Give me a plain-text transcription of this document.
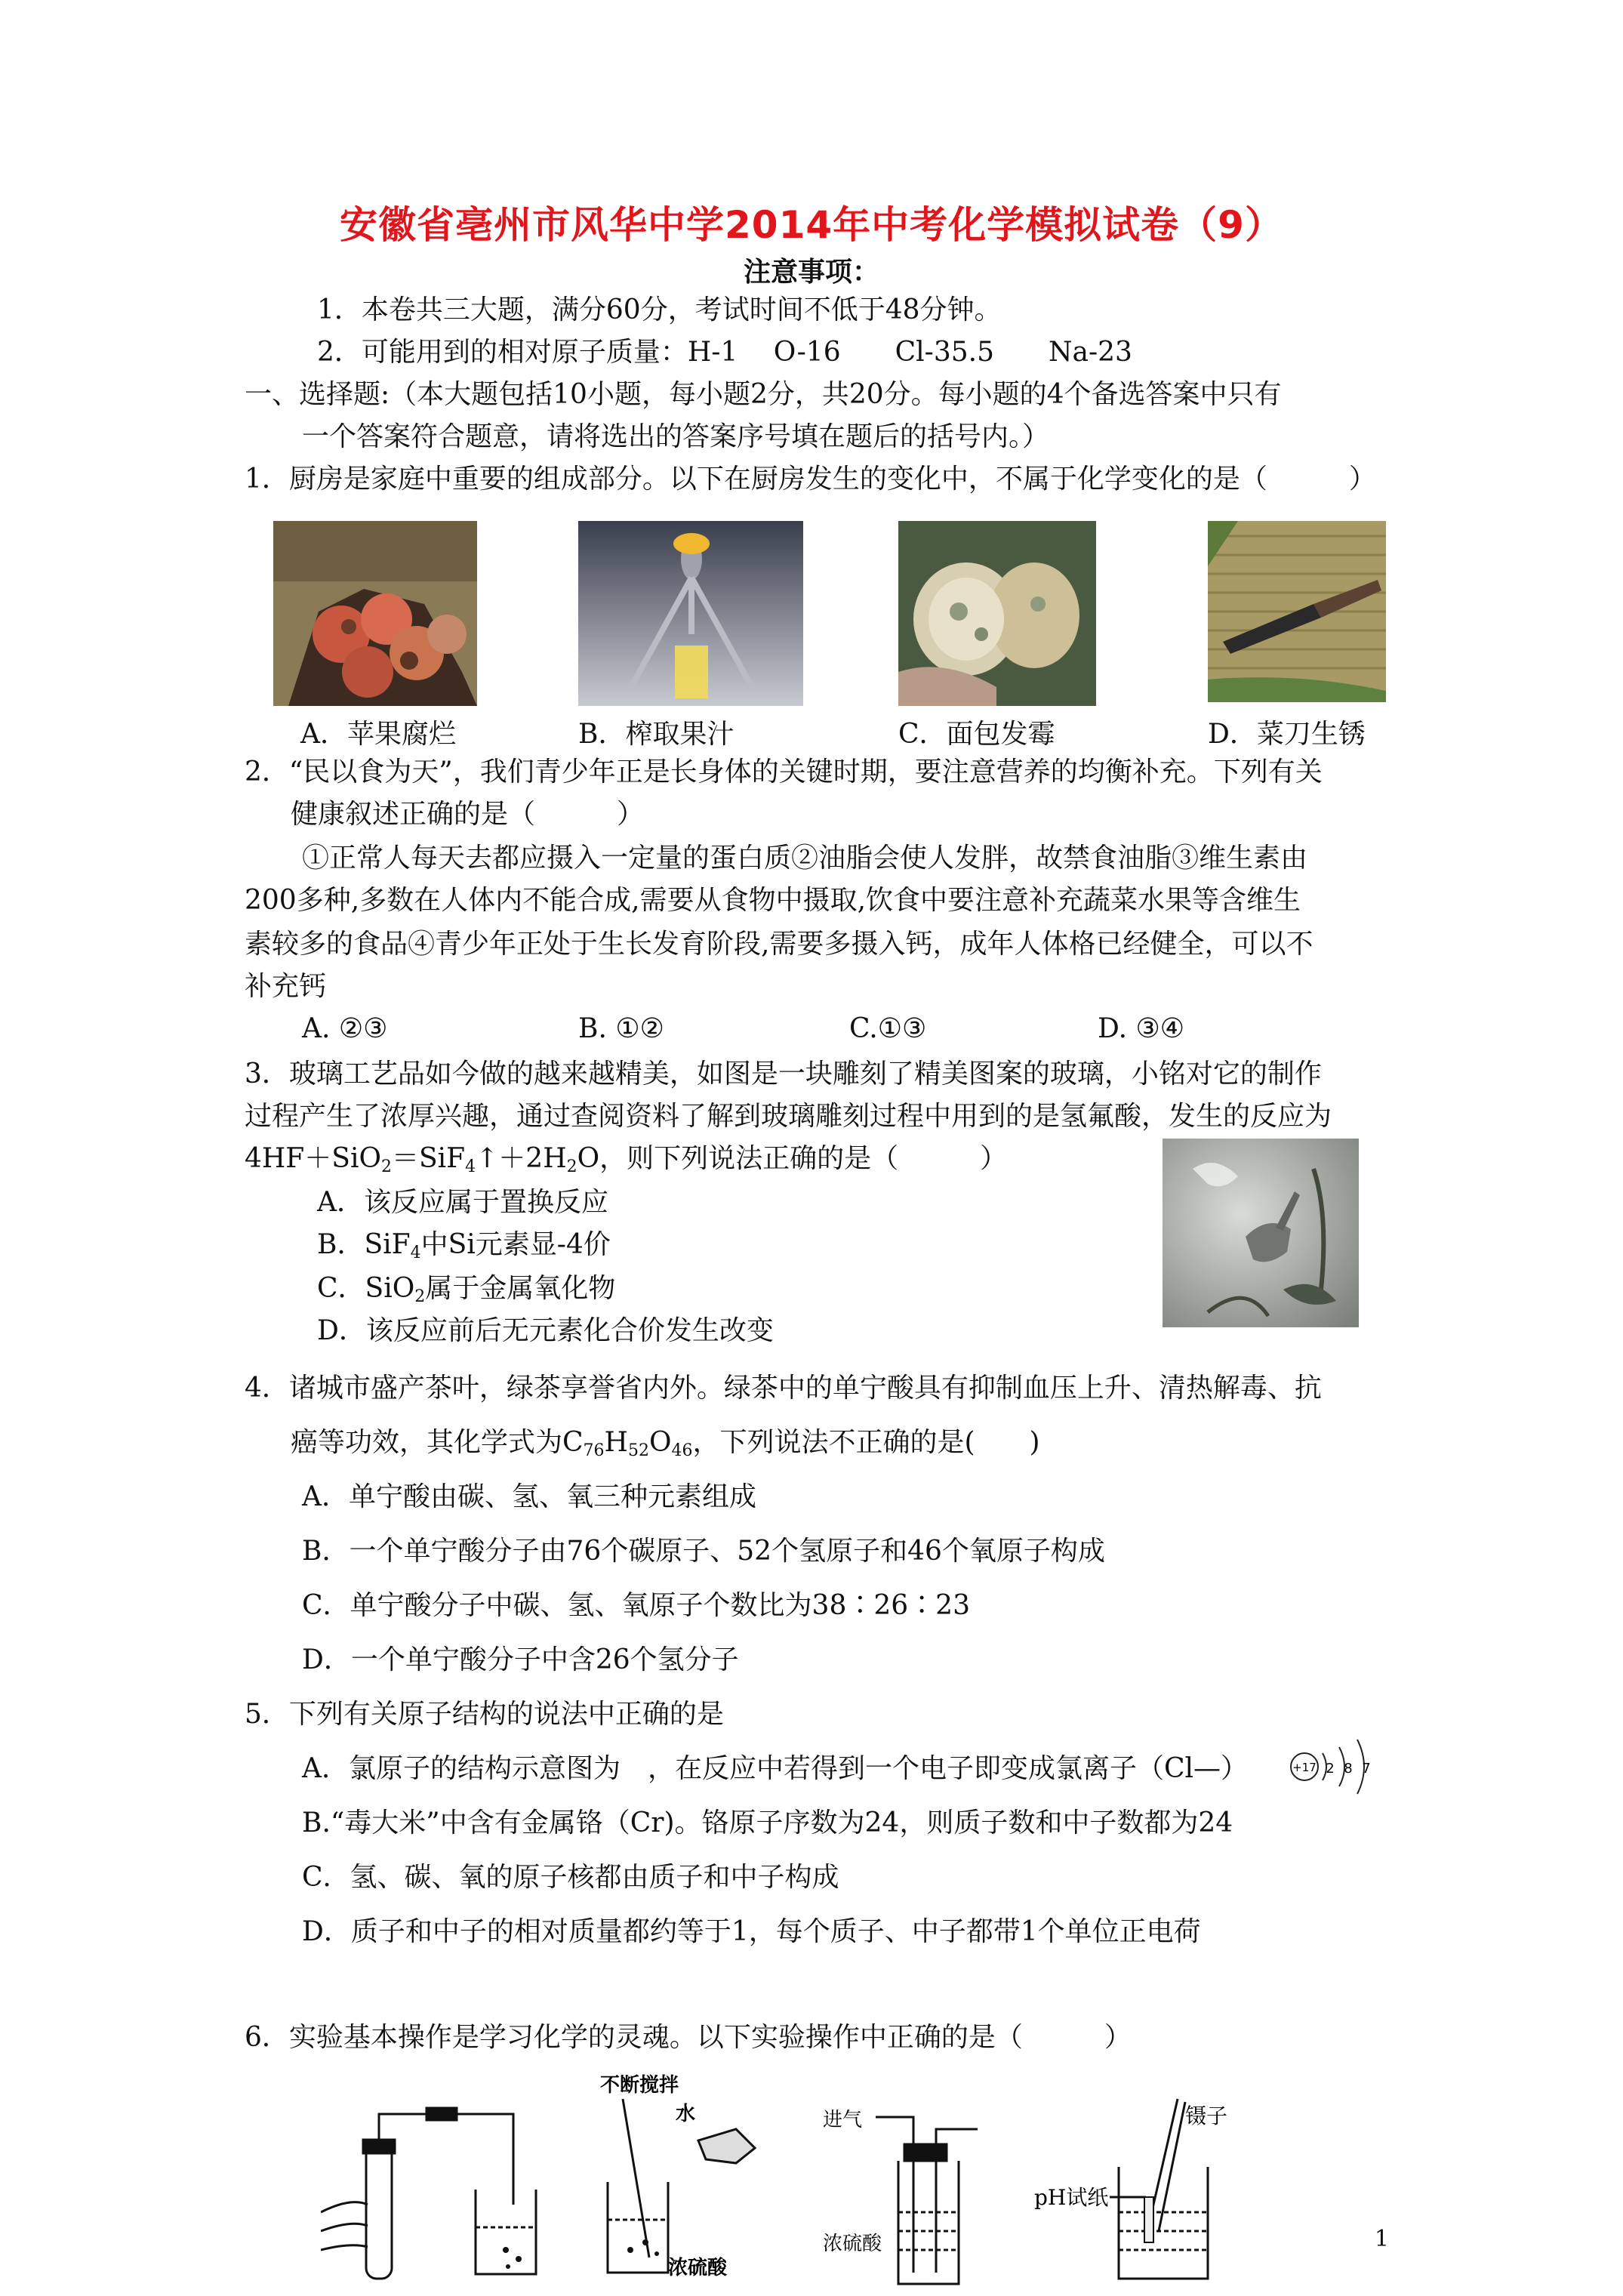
安徽省亳州市风华中学2014年中考化学模拟试卷（9）
注意事项：
1．本卷共三大题，满分60分，考试时间不低于48分钟。
2．可能用到的相对原子质量：H-1　 O-16　　Cl-35.5　　Na-23
一、选择题:（本大题包括10小题，每小题2分，共20分。每小题的4个备选答案中只有
一个答案符合题意，请将选出的答案序号填在题后的括号内。）
1．厨房是家庭中重要的组成部分。以下在厨房发生的变化中，不属于化学变化的是（　　　）
A．苹果腐烂	B．榨取果汁	C．面包发霉	D．菜刀生锈
2．“民以食为天”，我们青少年正是长身体的关键时期，要注意营养的均衡补充。下列有关
健康叙述正确的是（　　　）
①正常人每天去都应摄入一定量的蛋白质②油脂会使人发胖，故禁食油脂③维生素由
200多种,多数在人体内不能合成,需要从食物中摄取,饮食中要注意补充蔬菜水果等含维生
素较多的食品④青少年正处于生长发育阶段,需要多摄入钙，成年人体格已经健全，可以不
补充钙
A. ②③	B. ①②	C.①③	D. ③④
3．玻璃工艺品如今做的越来越精美，如图是一块雕刻了精美图案的玻璃，小铭对它的制作
过程产生了浓厚兴趣，通过查阅资料了解到玻璃雕刻过程中用到的是氢氟酸，发生的反应为
$4HF+SiO_2=SiF_4↑+2H_2O$，则下列说法正确的是（　　　）
A．该反应属于置换反应
B．SiF$_4$中Si元素显-4价
C．SiO$_2$属于金属氧化物
D．该反应前后无元素化合价发生改变
4．诸城市盛产茶叶，绿茶享誉省内外。绿茶中的单宁酸具有抑制血压上升、清热解毒、抗
癌等功效，其化学式为$C_{76}H_{52}O_{46}$，下列说法不正确的是(　　)
A．单宁酸由碳、氢、氧三种元素组成
B．一个单宁酸分子由76个碳原子、52个氢原子和46个氧原子构成
C．单宁酸分子中碳、氢、氧原子个数比为38∶26∶23
D．一个单宁酸分子中含26个氢分子
5．下列有关原子结构的说法中正确的是
A．氯原子的结构示意图为　，在反应中若得到一个电子即变成氯离子（Cl—）	+17 2 8 7
B.“毒大米”中含有金属铬（Cr)。铬原子序数为24，则质子数和中子数都为24
C．氢、碳、氧的原子核都由质子和中子构成
D．质子和中子的相对质量都约等于1，每个质子、中子都带1个单位正电荷
6．实验基本操作是学习化学的灵魂。以下实验操作中正确的是（　　　）
不断搅拌
水
浓硫酸
进气
浓硫酸
镊子
pH试纸
1
